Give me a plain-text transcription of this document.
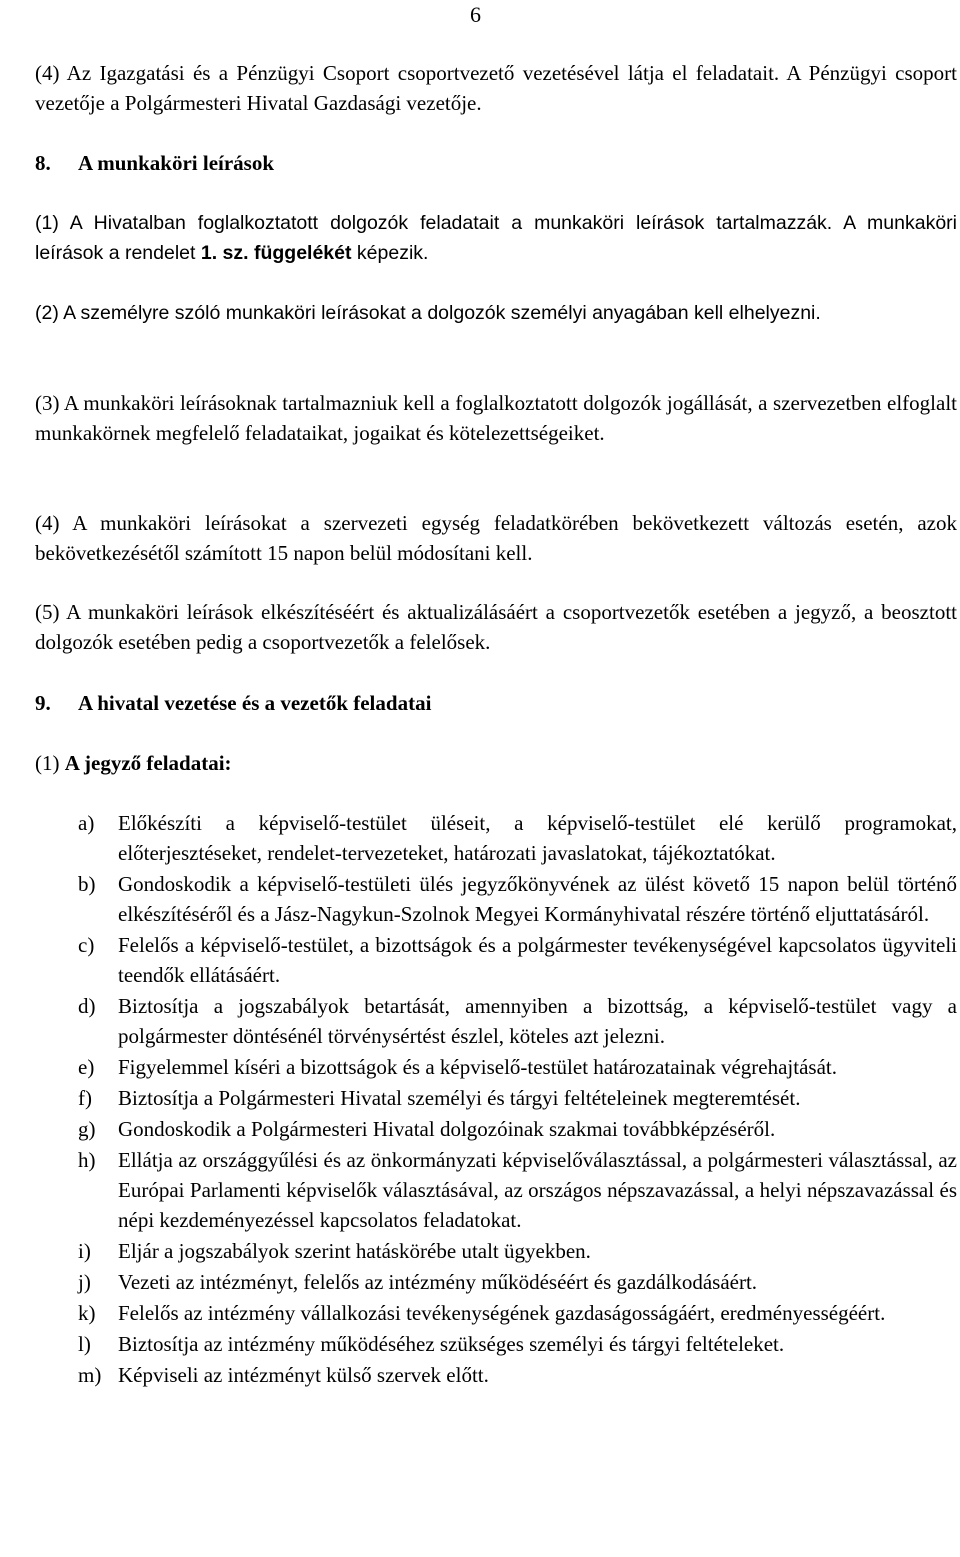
6

(4) Az Igazgatási és a Pénzügyi Csoport csoportvezető vezetésével látja el feladatait. A Pénzügyi csoport vezetője a Polgármesteri Hivatal Gazdasági vezetője.

8. A munkaköri leírások

(1) A Hivatalban foglalkoztatott dolgozók feladatait a munkaköri leírások tartalmazzák. A munkaköri leírások a rendelet 1. sz. függelékét képezik.

(2) A személyre szóló munkaköri leírásokat a dolgozók személyi anyagában kell elhelyezni.

(3) A munkaköri leírásoknak tartalmazniuk kell a foglalkoztatott dolgozók jogállását, a szervezetben elfoglalt munkakörnek megfelelő feladataikat, jogaikat és kötelezettségeiket.

(4) A munkaköri leírásokat a szervezeti egység feladatkörében bekövetkezett változás esetén, azok bekövetkezésétől számított 15 napon belül módosítani kell.

(5) A munkaköri leírások elkészítéséért és aktualizálásáért a csoportvezetők esetében a jegyző, a beosztott dolgozók esetében pedig a csoportvezetők a felelősek.

9. A hivatal vezetése és a vezetők feladatai
(1) A jegyző feladatai:
a) Előkészíti a képviselő-testület üléseit, a képviselő-testület elé kerülő programokat, előterjesztéseket, rendelet-tervezeteket, határozati javaslatokat, tájékoztatókat.
b) Gondoskodik a képviselő-testületi ülés jegyzőkönyvének az ülést követő 15 napon belül történő elkészítéséről és a Jász-Nagykun-Szolnok Megyei Kormányhivatal részére történő eljuttatásáról.
c) Felelős a képviselő-testület, a bizottságok és a polgármester tevékenységével kapcsolatos ügyviteli teendők ellátásáért.
d) Biztosítja a jogszabályok betartását, amennyiben a bizottság, a képviselő-testület vagy a polgármester döntésénél törvénysértést észlel, köteles azt jelezni.
e) Figyelemmel kíséri a bizottságok és a képviselő-testület határozatainak végrehajtását.
f) Biztosítja a Polgármesteri Hivatal személyi és tárgyi feltételeinek megteremtését.
g) Gondoskodik a Polgármesteri Hivatal dolgozóinak szakmai továbbképzéséről.
h) Ellátja az országgyűlési és az önkormányzati képviselőválasztással, a polgármesteri választással, az Európai Parlamenti képviselők választásával, az országos népszavazással, a helyi népszavazással és népi kezdeményezéssel kapcsolatos feladatokat.
i) Eljár a jogszabályok szerint hatáskörébe utalt ügyekben.
j) Vezeti az intézményt, felelős az intézmény működéséért és gazdálkodásáért.
k) Felelős az intézmény vállalkozási tevékenységének gazdaságosságáért, eredményességéért.
l) Biztosítja az intézmény működéséhez szükséges személyi és tárgyi feltételeket.
m) Képviseli az intézményt külső szervek előtt.
